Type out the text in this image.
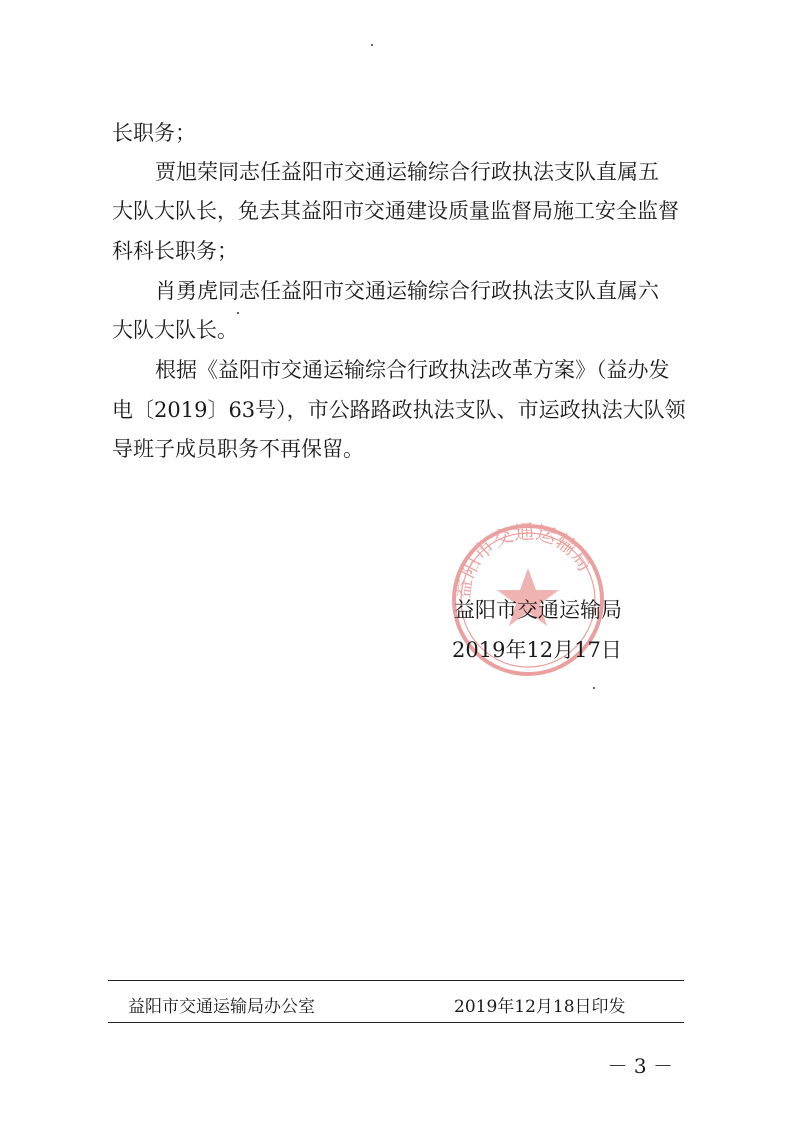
长职务；
贾旭荣同志任益阳市交通运输综合行政执法支队直属五
大队大队长，免去其益阳市交通建设质量监督局施工安全监督
科科长职务；
肖勇虎同志任益阳市交通运输综合行政执法支队直属六
大队大队长。
根据《益阳市交通运输综合行政执法改革方案》（益办发
电〔2019〕63号），市公路路政执法支队、市运政执法大队领
导班子成员职务不再保留。
益阳市交通运输局
益阳市交通运输局
2019年12月17日
益阳市交通运输局办公室	2019年12月18日印发
－ 3 －
